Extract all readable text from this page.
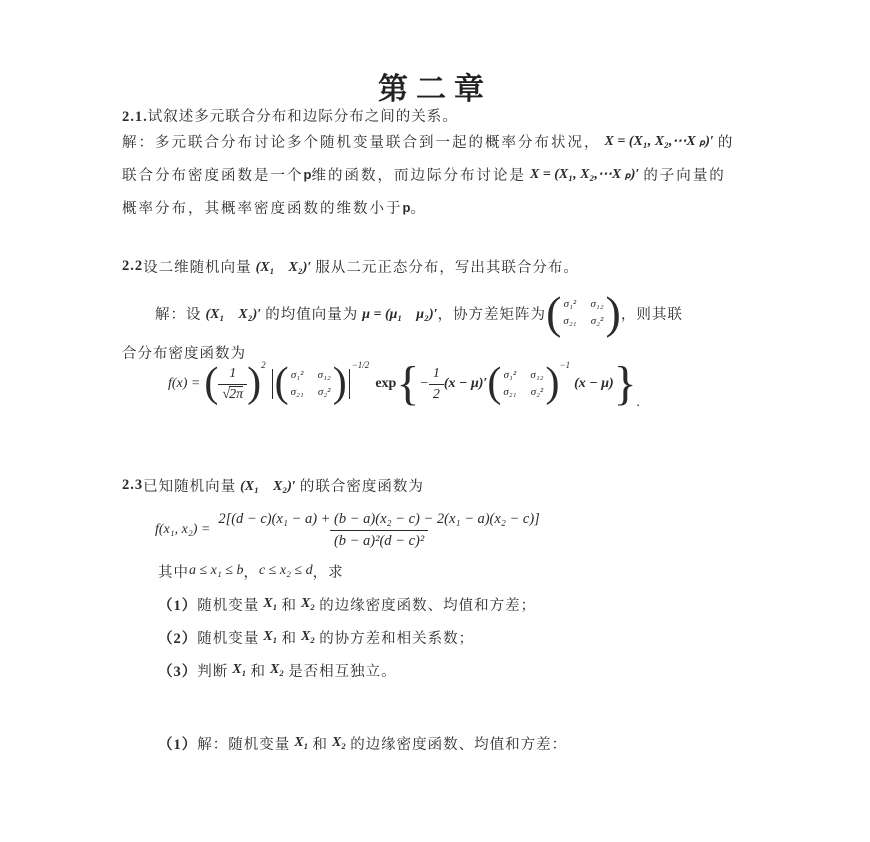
第二章
2.1.试叙述多元联合分布和边际分布之间的关系。
解：多元联合分布讨论多个随机变量联合到一起的概率分布状况， X = (X₁, X₂,⋯X ₚ)′ 的
联合分布密度函数是一个 p 维的函数，而边际分布讨论是 X = (X₁, X₂,⋯X ₚ)′ 的子向量的
概率分布，其概率密度函数的维数小于 p 。
2.2 设二维随机向量 (X₁　X₂)′ 服从二元正态分布，写出其联合分布。
解：设 (X₁　X₂)′ 的均值向量为 μ = (μ₁　μ₂)′ ，协方差矩阵为 ( σ₁² σ₁₂
σ₂₁ σ₂² ) ，则其联
合分布密度函数为
f(x) = ( $\frac{1}{√2\pi}$ ) 2 ( σ₁² σ₁₂
σ₂₁ σ₂² ) −1/2
exp { − $\frac{1}{2} (x - \mu)'$ ( σ₁² σ₁₂
σ₂₁ σ₂² ) −1
(x − μ) } .
2.3 已知随机向量 (X₁　X₂)′ 的联合密度函数为
f(x₁, $x_2) = \frac{\text{2[(d − c)(x₁ − a) + (b − a)(x₂ − c) − 2(x₁ − a)(x₂ − c)]}}{\text{(b − a)²(d − c)²}}$
其中 a ≤ x₁ ≤ b ， c ≤ x₂ ≤ d ，求
（1） 随机变量 X₁ 和 X₂ 的边缘密度函数、均值和方差；
（2） 随机变量 X₁ 和 X₂ 的协方差和相关系数；
（3） 判断 X₁ 和 X₂ 是否相互独立。
（1） 解：随机变量 X₁ 和 X₂ 的边缘密度函数、均值和方差：
